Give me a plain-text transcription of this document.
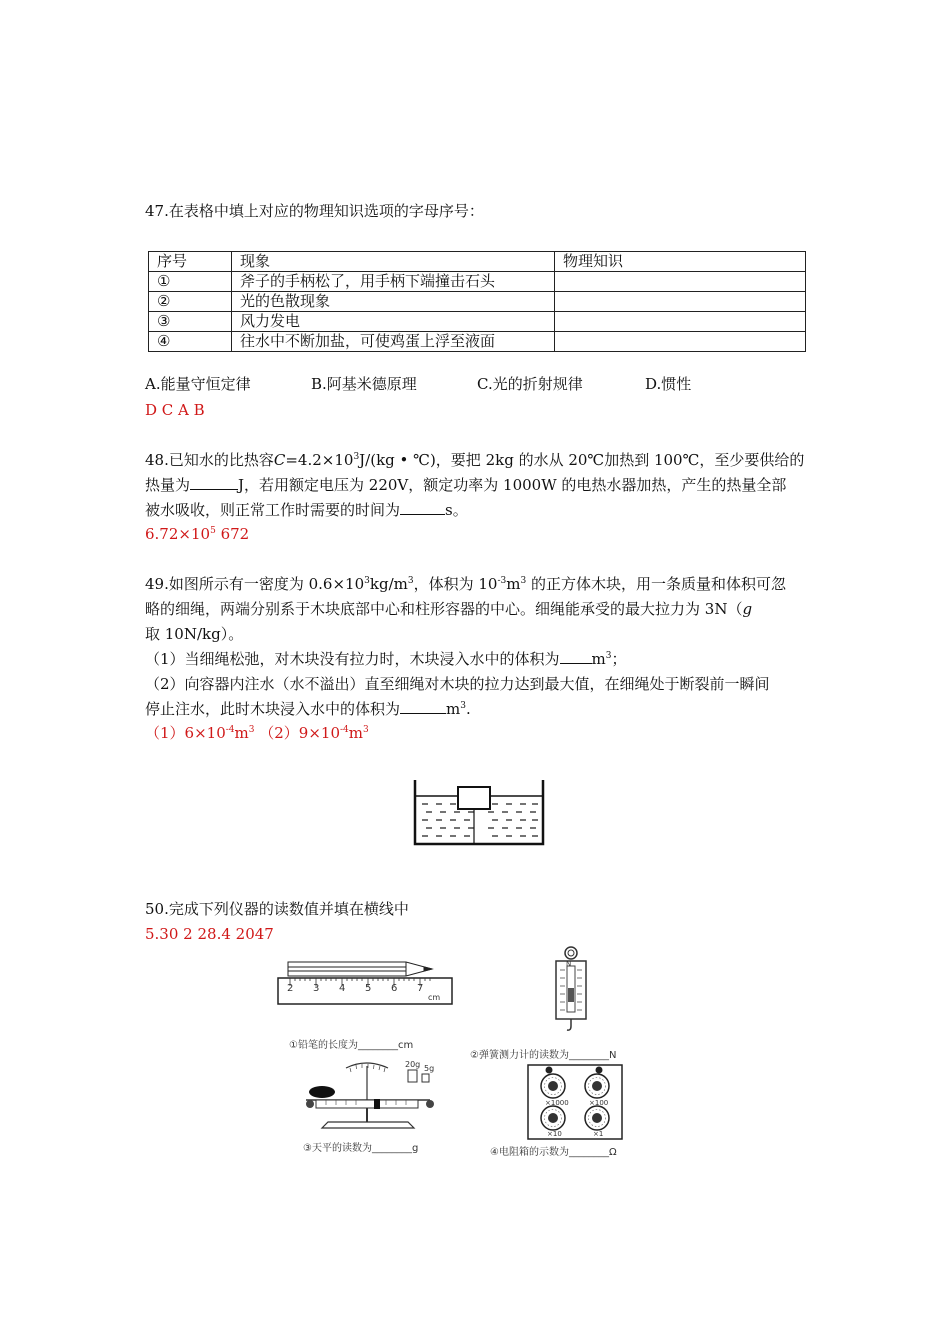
47.在表格中填上对应的物理知识选项的字母序号：
序号	现象	物理知识
①	斧子的手柄松了，用手柄下端撞击石头	
②	光的色散现象	
③	风力发电	
④	往水中不断加盐，可使鸡蛋上浮至液面	
A.能量守恒定律	B.阿基米德原理	C.光的折射规律	D.惯性
D C A B
48.已知水的比热容$C=4.2\times 10^3J/(kg$ • ℃)，要把 2kg 的水从 20℃加热到 100℃，至少要供给的
热量为	J，若用额定电压为 220V，额定功率为 1000W 的电热水器加热，产生的热量全部
被水吸收，则正常工作时需要的时间为	s。
$6.72\times 10^5$ 672
49.如图所示有一密度为 $0.6\times 10^3kg/m^3$，体积为 $10^{-3}m^3$ 的正方体木块，用一条质量和体积可忽
略的细绳，两端分别系于木块底部中心和柱形容器的中心。细绳能承受的最大拉力为 3N（g
取 10N/kg）。
（1）当细绳松弛，对木块没有拉力时，木块浸入水中的体积为 $m^3$；
（2）向容器内注水（水不溢出）直至细绳对木块的拉力达到最大值，在细绳处于断裂前一瞬间
停止注水，此时木块浸入水中的体积为	$m^3$.
$(1)6\times 10^{-4}m^3$ $(2)9\times 10^{-4}m^3$
50.完成下列仪器的读数值并填在横线中
5.30 2 28.4 2047
2 3 4 5 6 7
cm
①铅笔的长度为________cm
N
②弹簧测力计的读数为________N
20g 5g
③天平的读数为________g
×1000	×100
×10	×1
④电阻箱的示数为________Ω
